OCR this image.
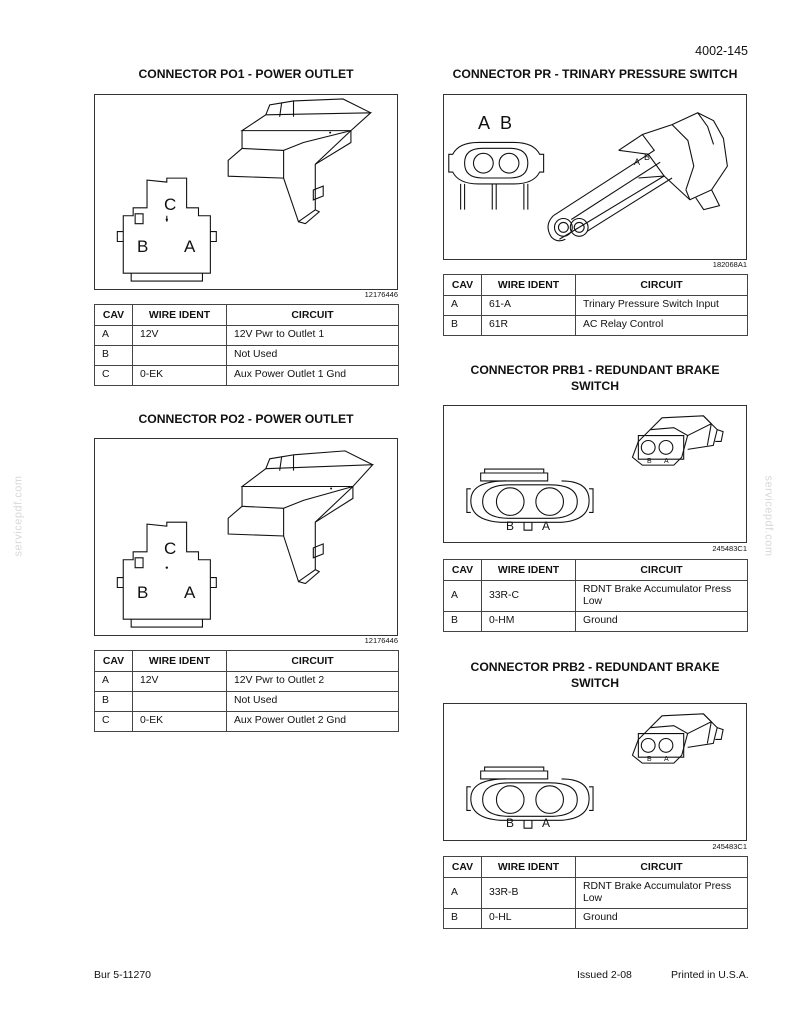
4002-145
servicepdf.com	servicepdf.com
CONNECTOR PO1 - POWER OUTLET
C
B A
12176446
CAV	WIRE IDENT	CIRCUIT
A	12V	12V Pwr to Outlet 1
B		Not Used
C	0-EK	Aux Power Outlet 1 Gnd
CONNECTOR PO2 - POWER OUTLET
C
B A
12176446
CAV	WIRE IDENT	CIRCUIT
A	12V	12V Pwr to Outlet 2
B		Not Used
C	0-EK	Aux Power Outlet 2 Gnd
CONNECTOR PR - TRINARY PRESSURE SWITCH
A B
A B
182068A1
CAV	WIRE IDENT	CIRCUIT
A	61-A	Trinary Pressure Switch Input
B	61R	AC Relay Control
CONNECTOR PRB1 - REDUNDANT BRAKE
SWITCH
B A
B A
245483C1
CAV	WIRE IDENT	CIRCUIT
A	33R-C	RDNT Brake Accumulator Press Low
B	0-HM	Ground
CONNECTOR PRB2 - REDUNDANT BRAKE
SWITCH
B A
B A
245483C1
CAV	WIRE IDENT	CIRCUIT
A	33R-B	RDNT Brake Accumulator Press Low
B	0-HL	Ground
Bur 5-11270	Issued 2-08	Printed in U.S.A.
